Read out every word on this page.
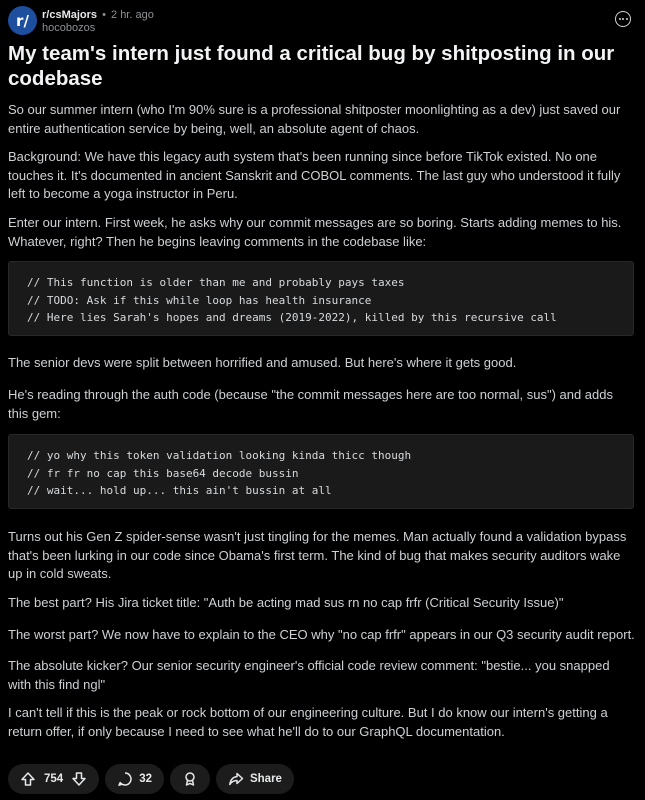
r/	r/csMajors • 2 hr. ago
hocobozos
My team's intern just found a critical bug by shitposting in our codebase

So our summer intern (who I'm 90% sure is a professional shitposter moonlighting as a dev) just saved our entire authentication service by being, well, an absolute agent of chaos.

Background: We have this legacy auth system that's been running since before TikTok existed. No one touches it. It's documented in ancient Sanskrit and COBOL comments. The last guy who understood it fully left to become a yoga instructor in Peru.

Enter our intern. First week, he asks why our commit messages are so boring. Starts adding memes to his. Whatever, right? Then he begins leaving comments in the codebase like:

// This function is older than me and probably pays taxes
// TODO: Ask if this while loop has health insurance
// Here lies Sarah's hopes and dreams (2019-2022), killed by this recursive call

The senior devs were split between horrified and amused. But here's where it gets good.

He's reading through the auth code (because "the commit messages here are too normal, sus") and adds this gem:

// yo why this token validation looking kinda thicc though
// fr fr no cap this base64 decode bussin
// wait... hold up... this ain't bussin at all

Turns out his Gen Z spider-sense wasn't just tingling for the memes. Man actually found a validation bypass that's been lurking in our code since Obama's first term. The kind of bug that makes security auditors wake up in cold sweats.

The best part? His Jira ticket title: "Auth be acting mad sus rn no cap frfr (Critical Security Issue)"

The worst part? We now have to explain to the CEO why "no cap frfr" appears in our Q3 security audit report.

The absolute kicker? Our senior security engineer's official code review comment: "bestie... you snapped with this find ngl"

I can't tell if this is the peak or rock bottom of our engineering culture. But I do know our intern's getting a return offer, if only because I need to see what he'll do to our GraphQL documentation.

754	32	Share
